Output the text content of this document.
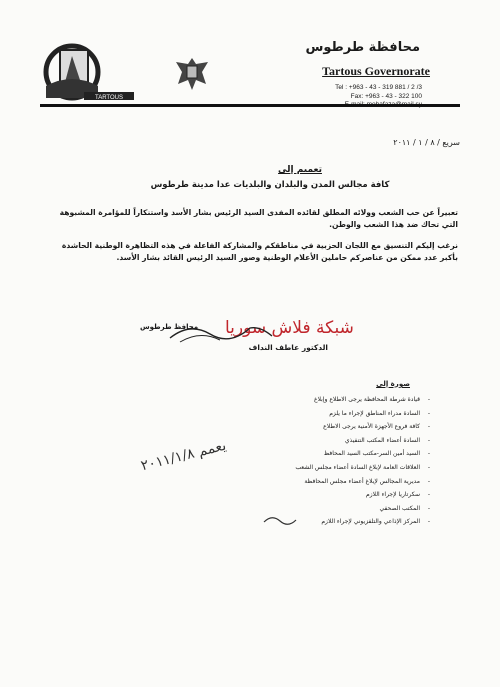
TARTOUS
محافظة طرطوس
Tartous Governorate
Tel : +963 - 43 - 319 881 / 2 /3
Fax: +963 - 43 - 322 100
سريع / ٨ / ١ / ٢٠١١
تعميم إلى
كافة مجالس المدن والبلدان والبلديات عدا مدينة طرطوس
تعبيراً عن حب الشعب وولائه المطلق لقائده المفدى السيد الرئيس بشار الأسد واستنكاراً للمؤامرة المشبوهة التي تحاك ضد هذا الشعب والوطن.
نرغب إليكم التنسيق مع اللجان الحزبية في مناطقكم والمشاركة الفاعلة في هذه التظاهرة الوطنية الحاشدة بأكبر عدد ممكن من عناصركم حاملين الأعلام الوطنية وصور السيد الرئيس القائد بشار الأسد.
شبكة فلاش سوريا
محافظ طرطوس
الدكتور عاطف النداف
صورة إلى
- قيادة شرطة المحافظة يرجى الاطلاع وإبلاغ
- السادة مدراء المناطق لإجراء ما يلزم
- كافة فروع الأجهزة الأمنية يرجى الاطلاع
- السادة أعضاء المكتب التنفيذي
- السيد أمين السر-مكتب السيد المحافظ
- العلاقات العامة لإبلاغ السادة أعضاء مجلس الشعب
- مديرية المجالس لإبلاغ أعضاء مجلس المحافظة
- سكرتاريا لإجراء اللازم
- المكتب الصحفي
- المركز الإذاعي والتلفزيوني لإجراء اللازم
يعمم ٢٠١١/١/٨
